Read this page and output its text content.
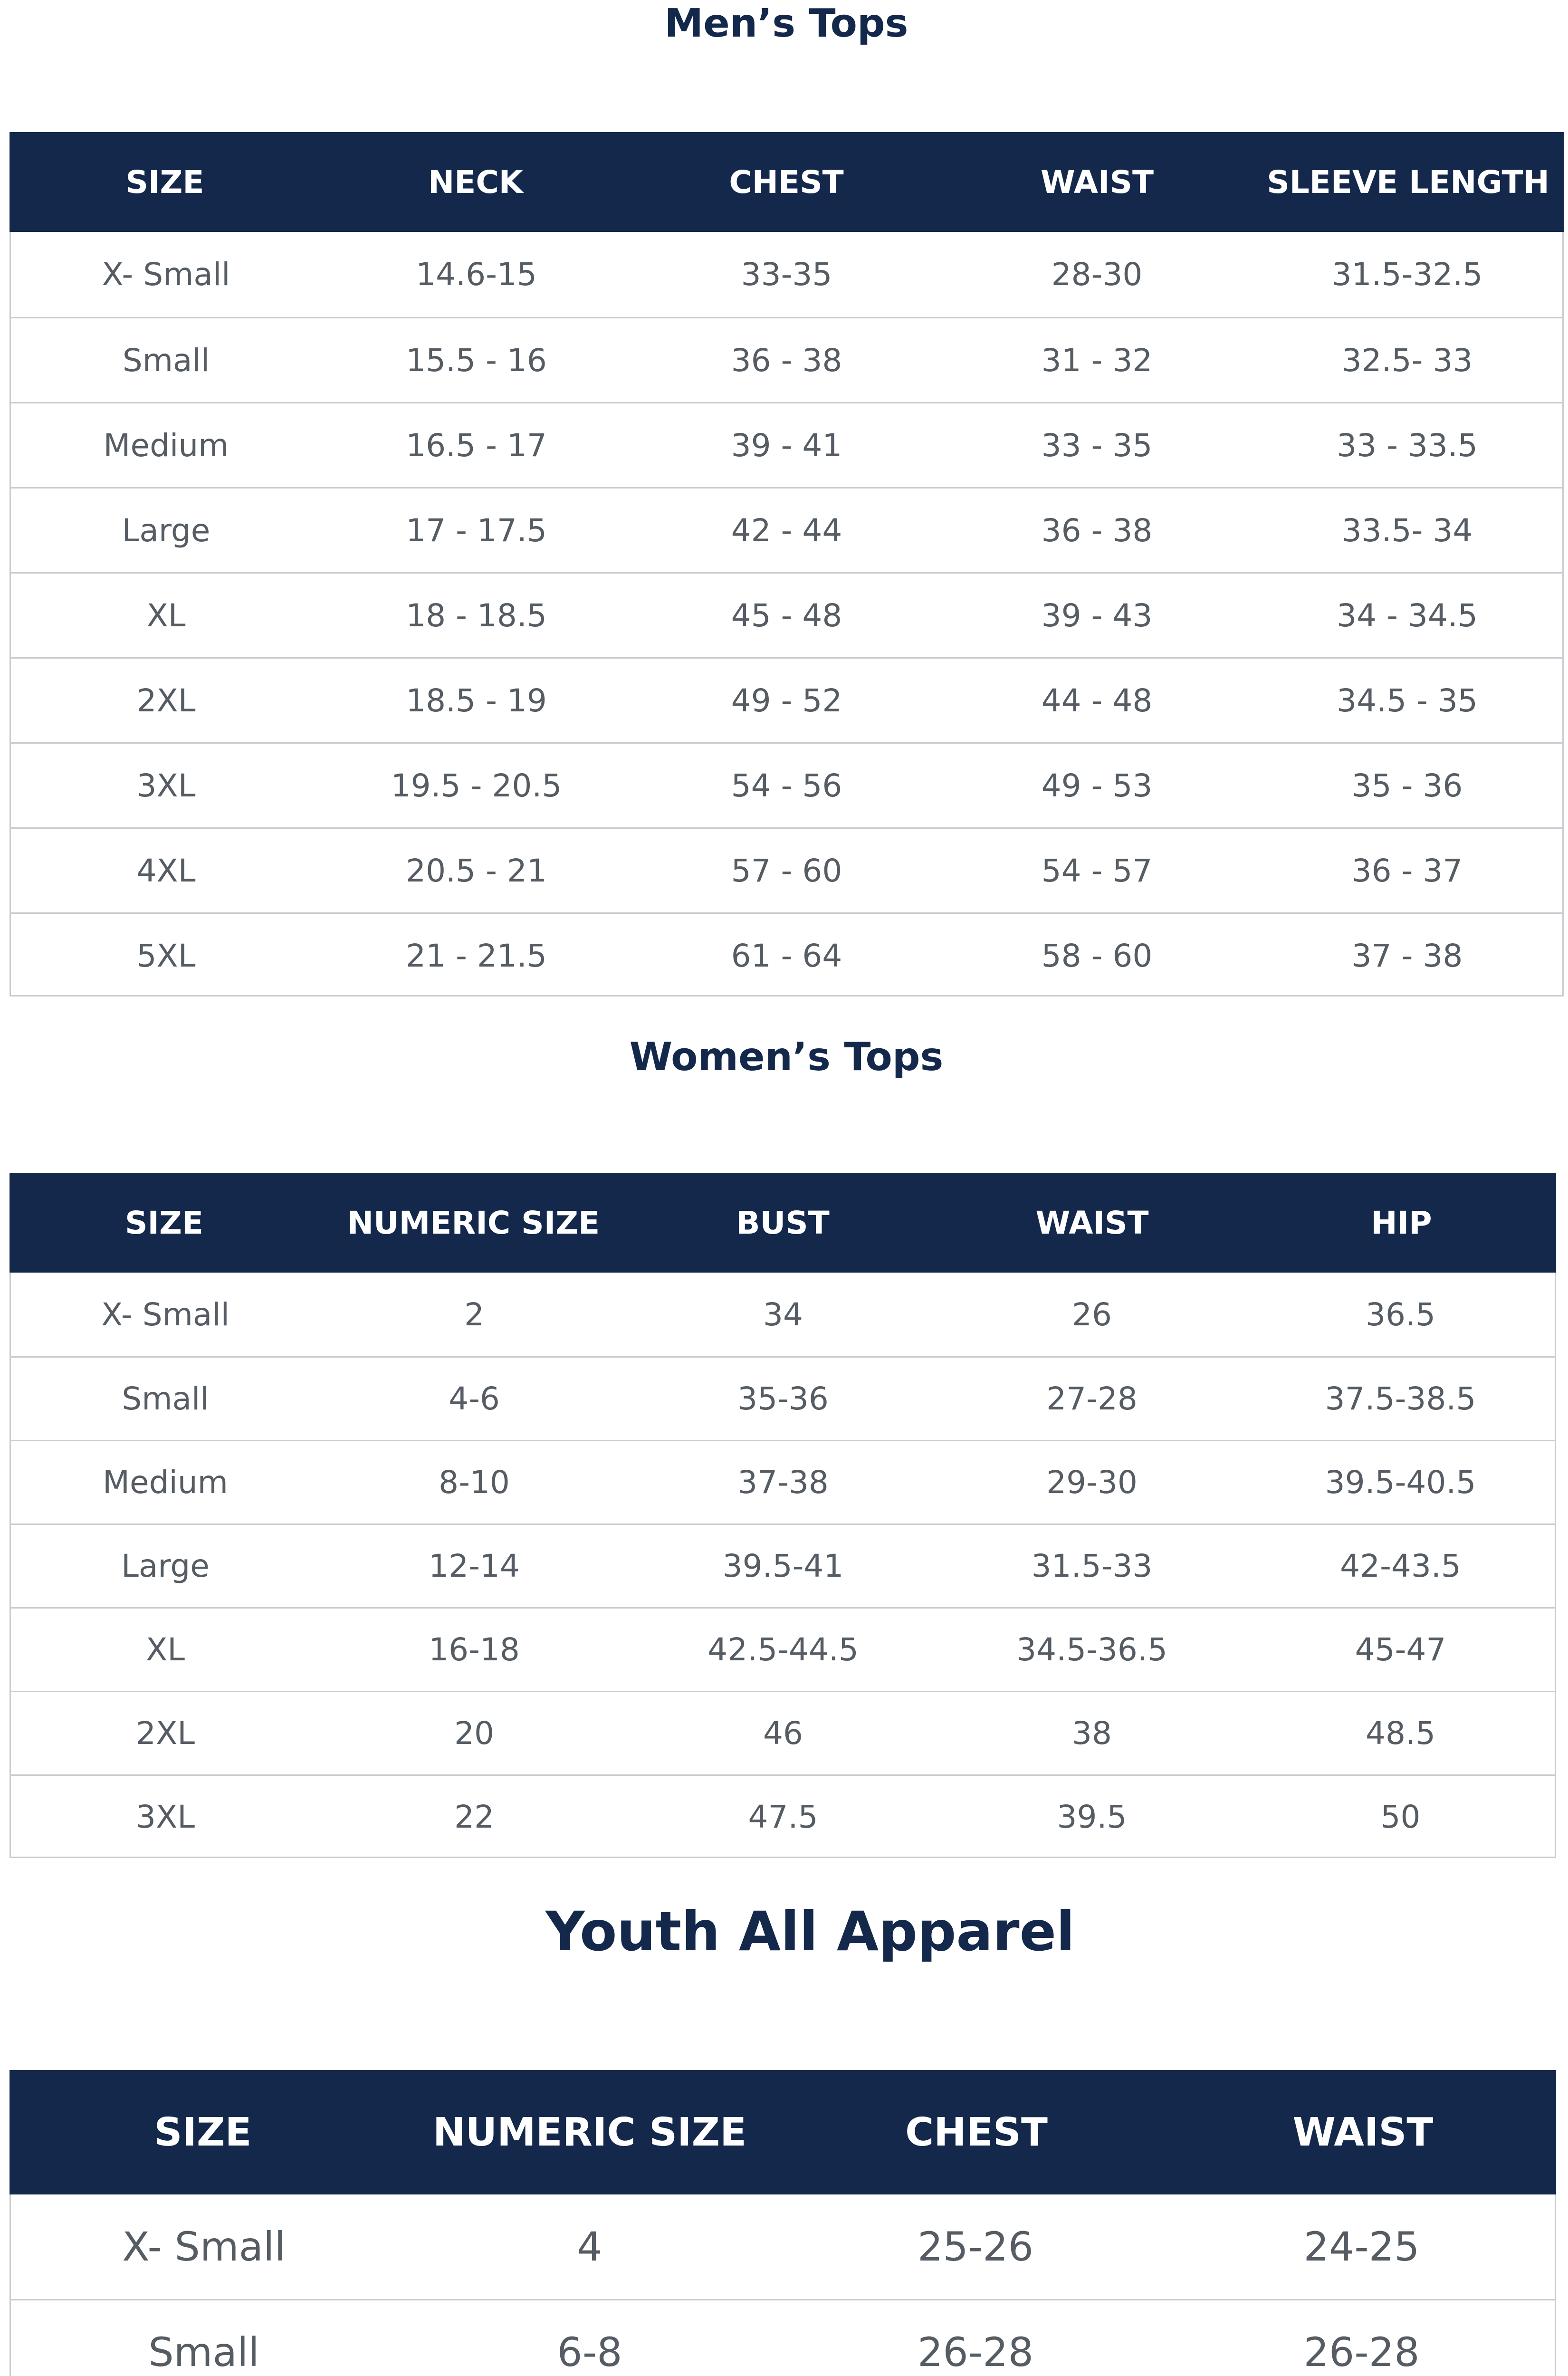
Men’s Tops
SIZE	NECK	CHEST	WAIST	SLEEVE LENGTH
X- Small	14.6-15	33-35	28-30	31.5-32.5
Small	15.5 - 16	36 - 38	31 - 32	32.5- 33
Medium	16.5 - 17	39 - 41	33 - 35	33 - 33.5
Large	17 - 17.5	42 - 44	36 - 38	33.5- 34
XL	18 - 18.5	45 - 48	39 - 43	34 - 34.5
2XL	18.5 - 19	49 - 52	44 - 48	34.5 - 35
3XL	19.5 - 20.5	54 - 56	49 - 53	35 - 36
4XL	20.5 - 21	57 - 60	54 - 57	36 - 37
5XL	21 - 21.5	61 - 64	58 - 60	37 - 38
Women’s Tops
SIZE	NUMERIC SIZE	BUST	WAIST	HIP
X- Small	2	34	26	36.5
Small	4-6	35-36	27-28	37.5-38.5
Medium	8-10	37-38	29-30	39.5-40.5
Large	12-14	39.5-41	31.5-33	42-43.5
XL	16-18	42.5-44.5	34.5-36.5	45-47
2XL	20	46	38	48.5
3XL	22	47.5	39.5	50
Youth All Apparel
SIZE	NUMERIC SIZE	CHEST	WAIST
X- Small	4	25-26	24-25
Small	6-8	26-28	26-28
